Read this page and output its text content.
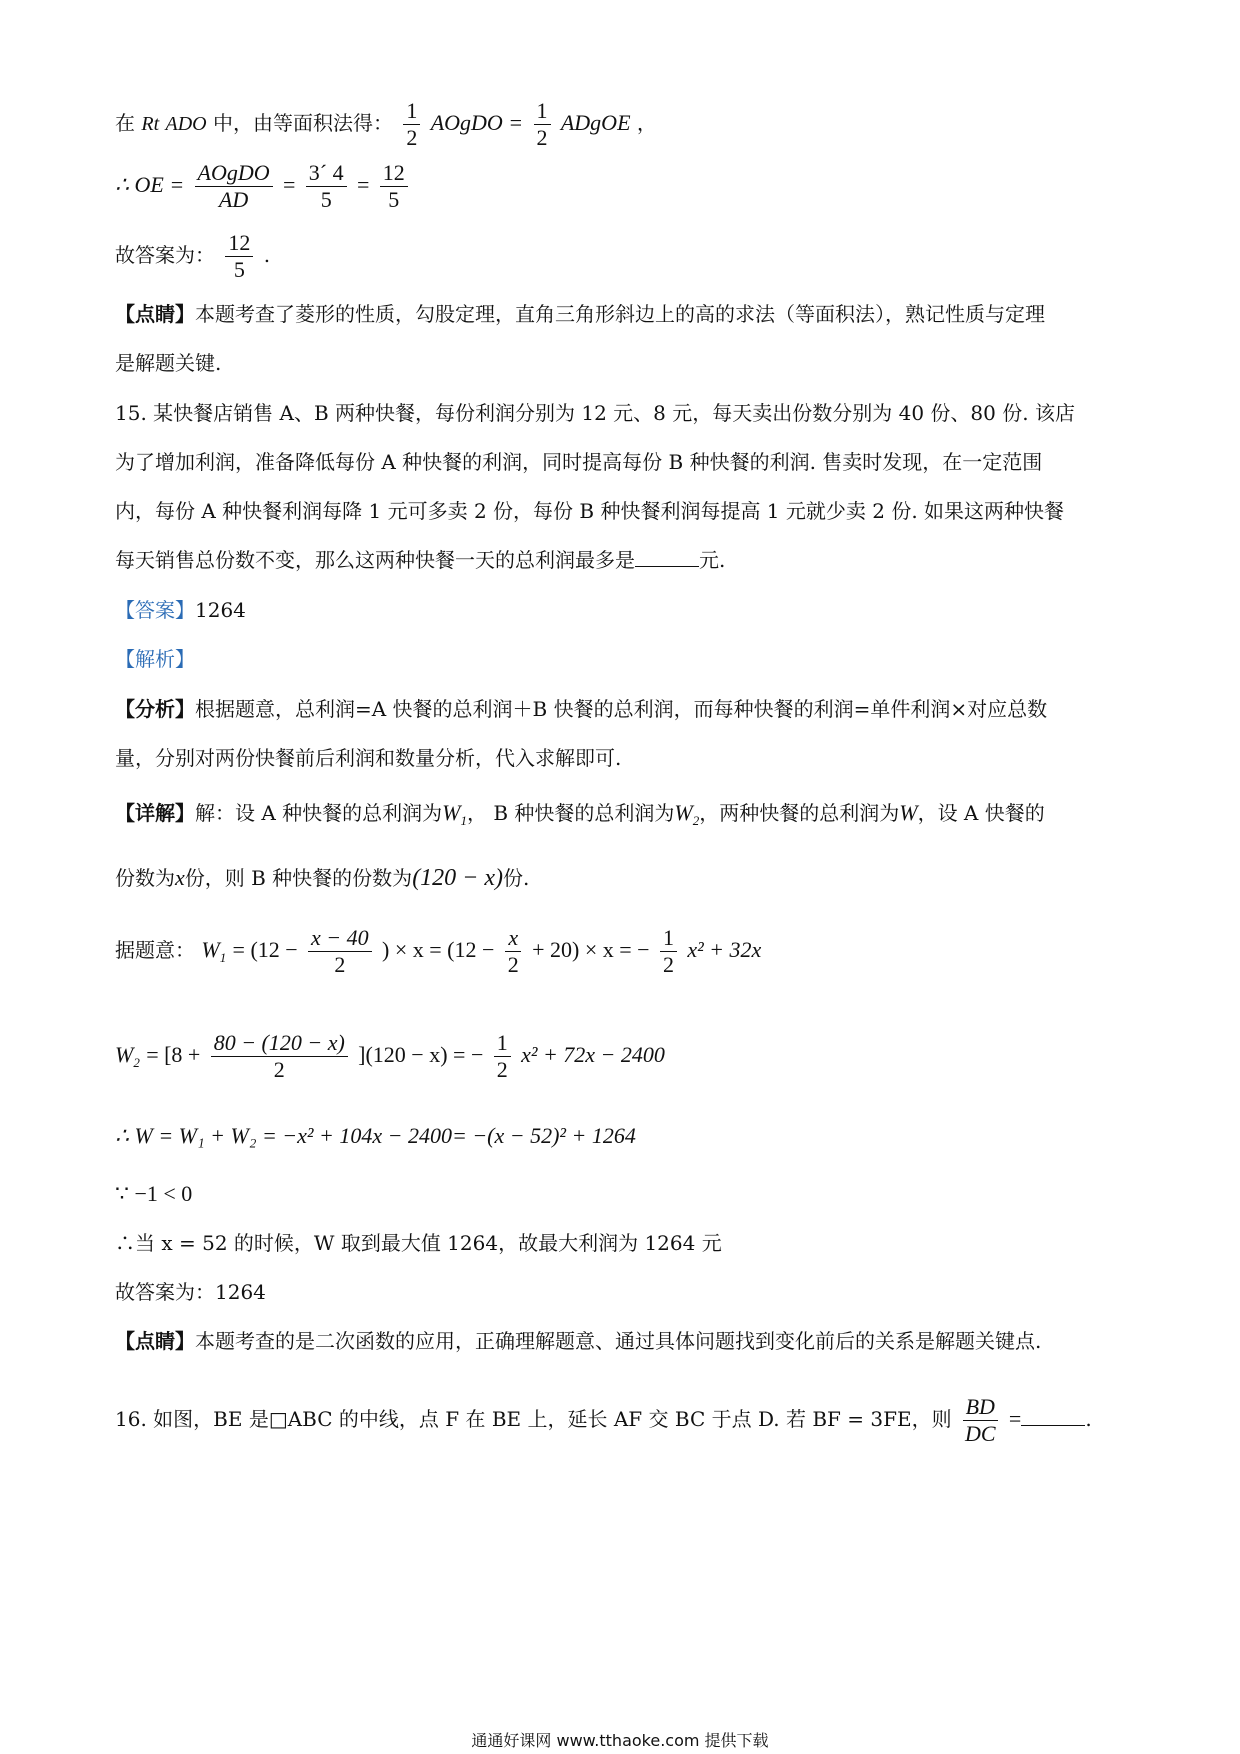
在 Rt ADO 中，由等面积法得： $\frac{1}{2}$ AOgDO = $\frac{1}{2}$ ADgOE ，
∴ OE = $\frac{\text{AOgDO}}{AD} = \frac{3´ 4}{5} = \frac{12}{5}$
故答案为： $\frac{12}{5}$ .
【点睛】本题考查了菱形的性质，勾股定理，直角三角形斜边上的高的求法（等面积法），熟记性质与定理
是解题关键.
15. 某快餐店销售 A、B 两种快餐，每份利润分别为 12 元、8 元，每天卖出份数分别为 40 份、80 份. 该店
为了增加利润，准备降低每份 A 种快餐的利润，同时提高每份 B 种快餐的利润. 售卖时发现，在一定范围
内，每份 A 种快餐利润每降 1 元可多卖 2 份，每份 B 种快餐利润每提高 1 元就少卖 2 份. 如果这两种快餐
每天销售总份数不变，那么这两种快餐一天的总利润最多是	元.
【答案】1264
【解析】
【分析】根据题意，总利润=A 快餐的总利润＋B 快餐的总利润，而每种快餐的利润=单件利润×对应总数
量，分别对两份快餐前后利润和数量分析，代入求解即可.
【详解】解：设 A 种快餐的总利润为$W_1$， B 种快餐的总利润为$W_2$，两种快餐的总利润为W，设 A 快餐的
份数为x份，则 B 种快餐的份数为(120 − x)份.
据题意： $W_1 = (12 - \frac{x - 40}{2}$ ) × $x = (12 - \frac{x}{2} + 20) \times x$ = − $\frac{1}{2} x^2 + 32x$
$W_2 = [8 + \frac{80 - (120 - x)}{2} ](120 - x)$ = − $\frac{1}{2} x^2 + 72x - 2400$
∴ W = W₁ + W₂ = −x² + 104x − 2400= −(x − 52)² + 1264
∵ −1 < 0
∴当 x = 52 的时候，W 取到最大值 1264，故最大利润为 1264 元
故答案为：1264
【点睛】本题考查的是二次函数的应用，正确理解题意、通过具体问题找到变化前后的关系是解题关键点.
16. 如图，BE 是□ABC 的中线，点 F 在 BE 上，延长 AF 交 BC 于点 D. 若 BF = 3FE，则 $\frac{BD}{DC}$ =	.
通通好课网 www.tthaoke.com 提供下载
